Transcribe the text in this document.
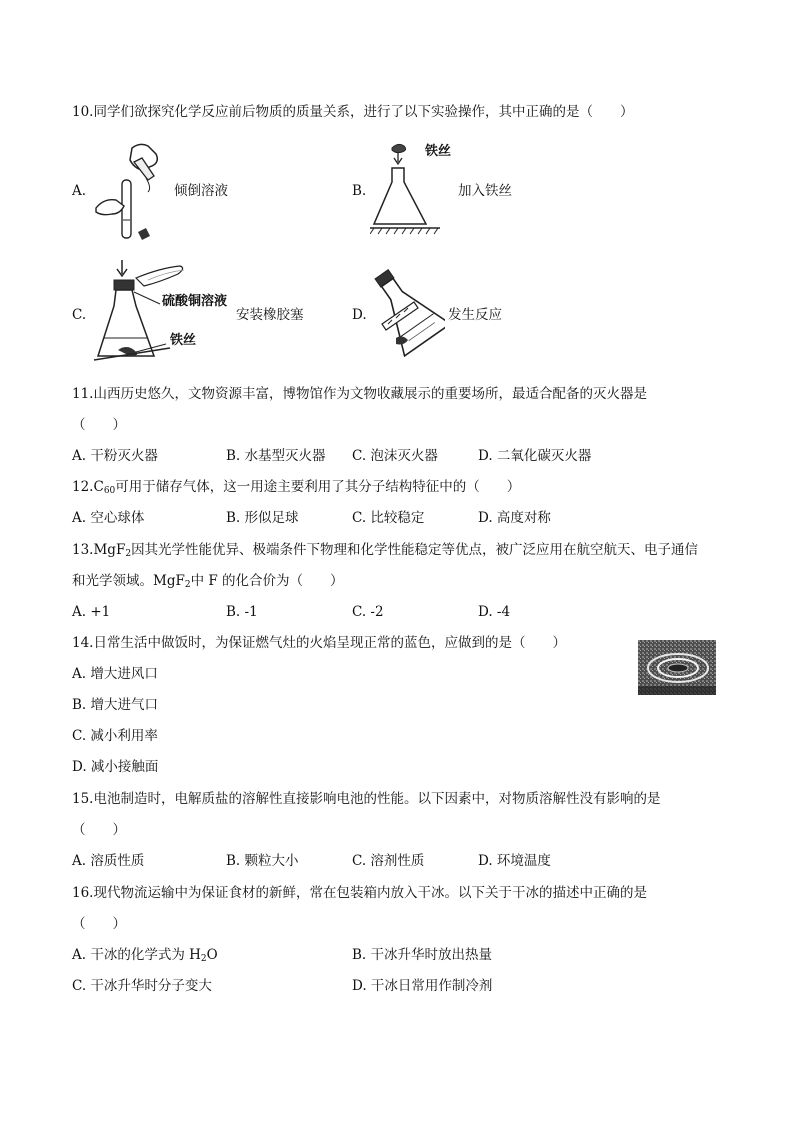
10.同学们欲探究化学反应前后物质的质量关系，进行了以下实验操作，其中正确的是（　　）
A.	倾倒溶液	B.
铁丝
加入铁丝
C.
硫酸铜溶液
铁丝
安装橡胶塞	D.	发生反应
11.山西历史悠久，文物资源丰富，博物馆作为文物收藏展示的重要场所，最适合配备的灭火器是
（　　）
A. 干粉灭火器	B. 水基型灭火器 C. 泡沫灭火器	D. 二氧化碳灭火器
$12.C_{60}$可用于储存气体，这一用途主要利用了其分子结构特征中的（　　）
A. 空心球体	B. 形似足球	C. 比较稳定	D. 高度对称
13.MgF$_2$因其光学性能优异、极端条件下物理和化学性能稳定等优点，被广泛应用在航空航天、电子通信
和光学领域。MgF$_2$中 F 的化合价为（　　）
A. +1	B. -1	C. -2	D. -4
14.日常生活中做饭时，为保证燃气灶的火焰呈现正常的蓝色，应做到的是（　　）
A. 增大进风口
B. 增大进气口
C. 减小利用率
D. 减小接触面
15.电池制造时，电解质盐的溶解性直接影响电池的性能。以下因素中，对物质溶解性没有影响的是
（　　）
A. 溶质性质	B. 颗粒大小	C. 溶剂性质	D. 环境温度
16.现代物流运输中为保证食材的新鲜，常在包装箱内放入干冰。以下关于干冰的描述中正确的是
（　　）
A. 干冰的化学式为 $H_2O$	B. 干冰升华时放出热量
C. 干冰升华时分子变大	D. 干冰日常用作制冷剂
